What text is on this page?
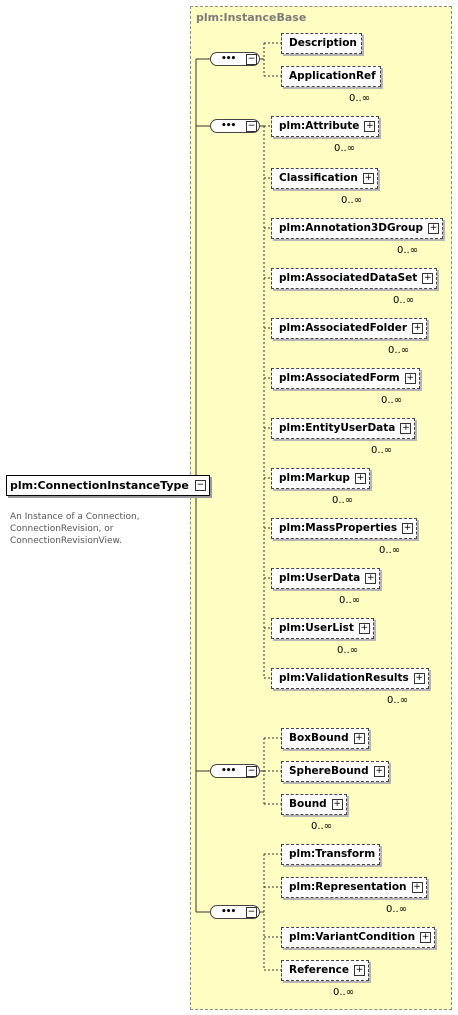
plm:InstanceBase
plm:ConnectionInstanceType −
An Instance of a Connection, ConnectionRevision, or ConnectionRevisionView.
•••
•••
•••
•••
−
−
−
−
Description
ApplicationRef
0..∞
plm:Attribute +
0..∞
Classification +
0..∞
plm:Annotation3DGroup +
0..∞
plm:AssociatedDataSet +
0..∞
plm:AssociatedFolder +
0..∞
plm:AssociatedForm +
0..∞
plm:EntityUserData +
0..∞
plm:Markup +
0..∞
plm:MassProperties +
0..∞
plm:UserData +
0..∞
plm:UserList +
0..∞
plm:ValidationResults +
0..∞
BoxBound +
SphereBound +
Bound +
0..∞
plm:Transform
plm:Representation +
0..∞
plm:VariantCondition +
Reference +
0..∞
